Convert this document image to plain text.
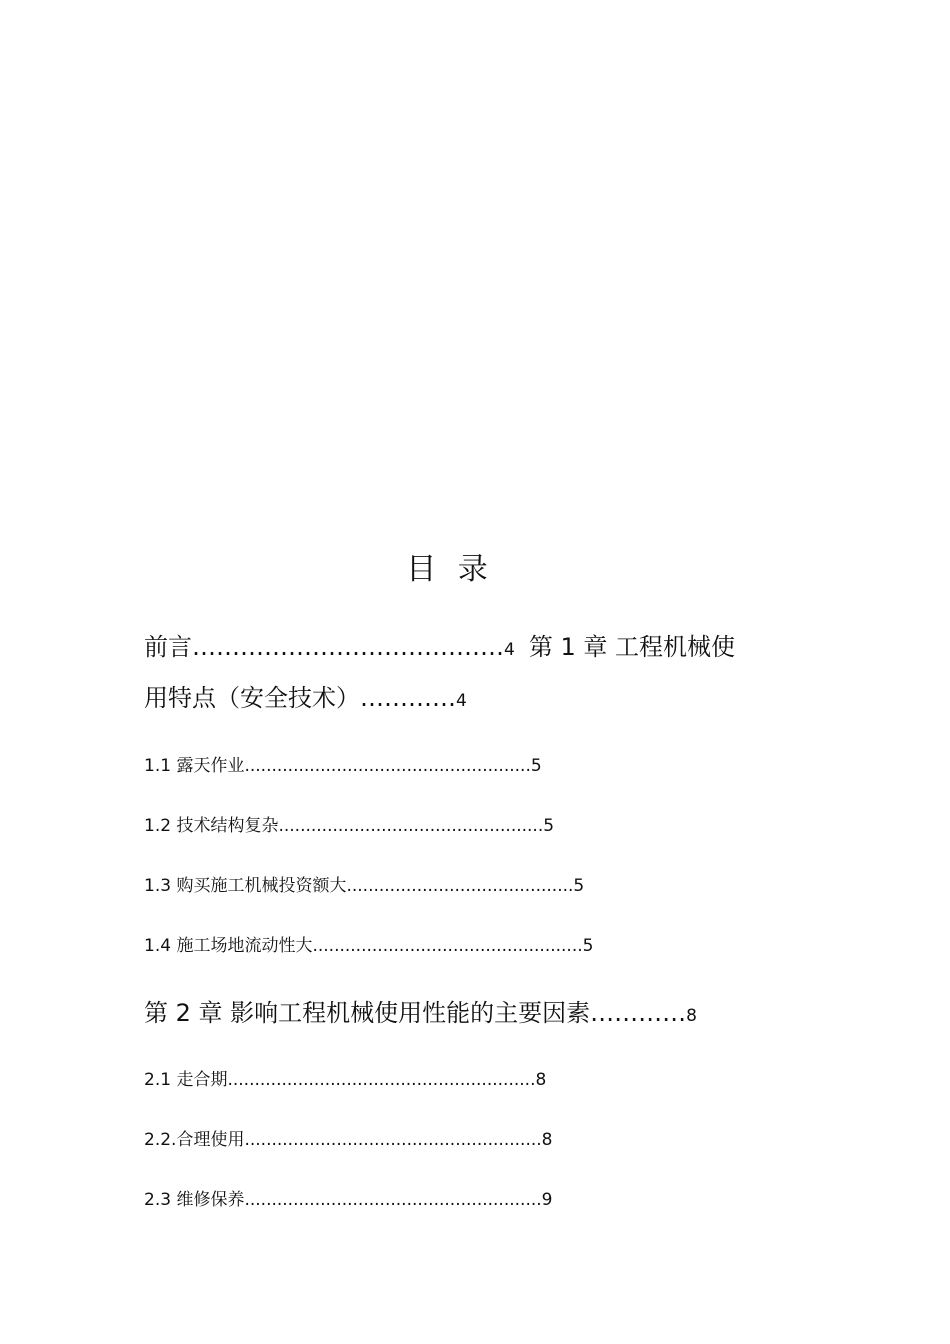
目 录
前言…………………………………4 第 1 章 工程机械使
用特点（安全技术）…………4
1.1 露天作业.....................................................5
1.2 技术结构复杂.................................................5
1.3 购买施工机械投资额大..........................................5
1.4 施工场地流动性大..................................................5
第 2 章 影响工程机械使用性能的主要因素…………8
2.1 走合期.........................................................8
2.2.合理使用.......................................................8
2.3 维修保养.......................................................9
